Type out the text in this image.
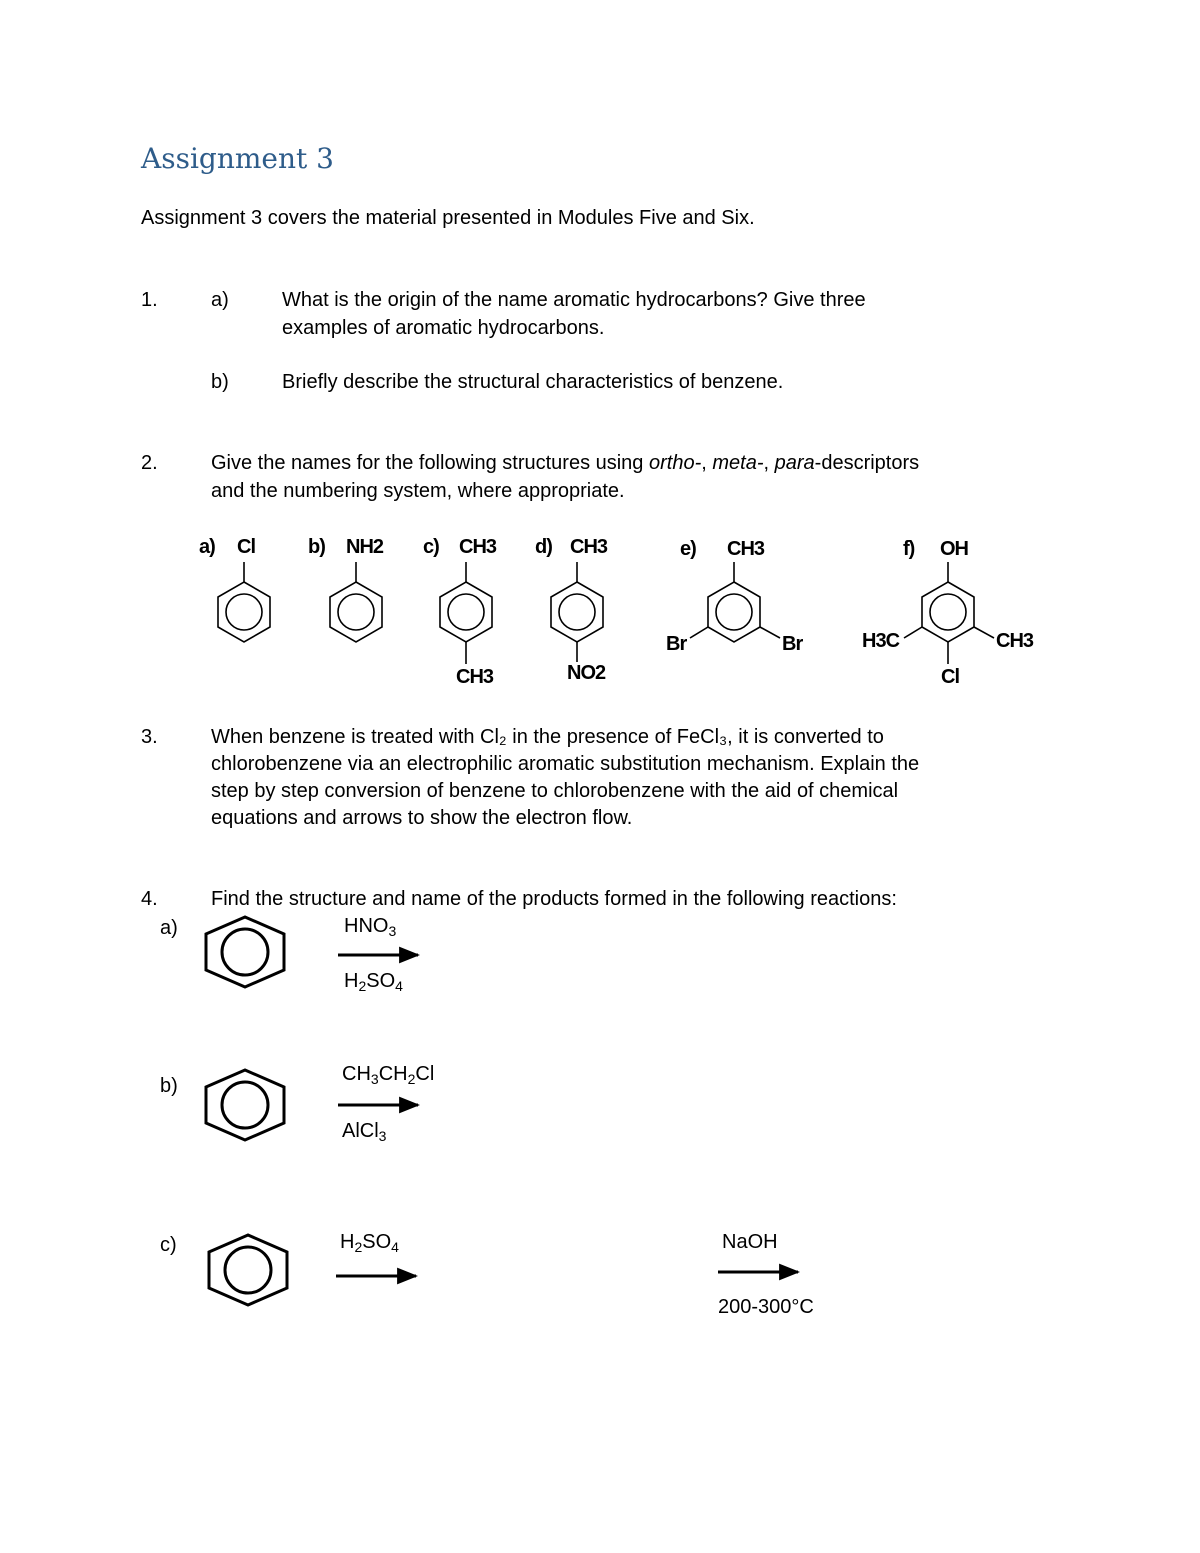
Assignment 3
Assignment 3 covers the material presented in Modules Five and Six.
1.	a)	What is the origin of the name aromatic hydrocarbons? Give three
examples of aromatic hydrocarbons.
b)	Briefly describe the structural characteristics of benzene.
2.	Give the names for the following structures using ortho-, meta-, para-descriptors
and the numbering system, where appropriate.
a) Cl	b) NH2 c) CH3
CH3
d) CH3
NO2
e) CH3
Br	Br
f) OH
H3C	CH3
Cl
3.	When benzene is treated with Cl₂ in the presence of FeCl₃, it is converted to
chlorobenzene via an electrophilic aromatic substitution mechanism. Explain the
step by step conversion of benzene to chlorobenzene with the aid of chemical
equations and arrows to show the electron flow.
4.	Find the structure and name of the products formed in the following reactions:
a)
b)
c)
$HNO_3$
$H_2SO_4$
$CH_3CH_2Cl$
AlCl$_3$
$H_2SO_4$	NaOH
200-300°C
